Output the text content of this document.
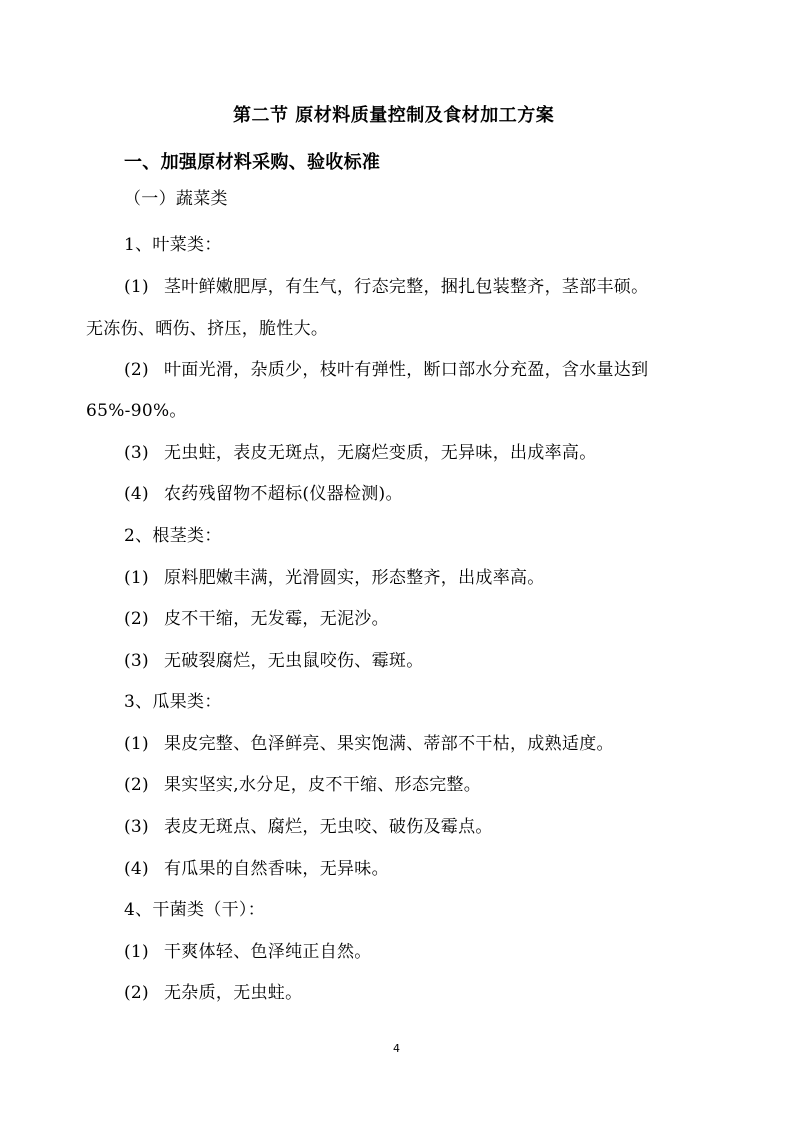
第二节 原材料质量控制及食材加工方案
一、加强原材料采购、验收标准
（一）蔬菜类
1、叶菜类：
(1) 茎叶鲜嫩肥厚，有生气，行态完整，捆扎包装整齐，茎部丰硕。
无冻伤、晒伤、挤压，脆性大。
(2) 叶面光滑，杂质少，枝叶有弹性，断口部水分充盈，含水量达到
65%-90%。
(3) 无虫蛀，表皮无斑点，无腐烂变质，无异味，出成率高。
(4) 农药残留物不超标(仪器检测)。
2、根茎类：
(1) 原料肥嫩丰满，光滑圆实，形态整齐，出成率高。
(2) 皮不干缩，无发霉，无泥沙。
(3) 无破裂腐烂，无虫鼠咬伤、霉斑。
3、瓜果类：
(1) 果皮完整、色泽鲜亮、果实饱满、蒂部不干枯，成熟适度。
(2) 果实坚实,水分足，皮不干缩、形态完整。
(3) 表皮无斑点、腐烂，无虫咬、破伤及霉点。
(4) 有瓜果的自然香味，无异味。
4、干菌类（干）：
(1) 干爽体轻、色泽纯正自然。
(2) 无杂质，无虫蛀。
4
